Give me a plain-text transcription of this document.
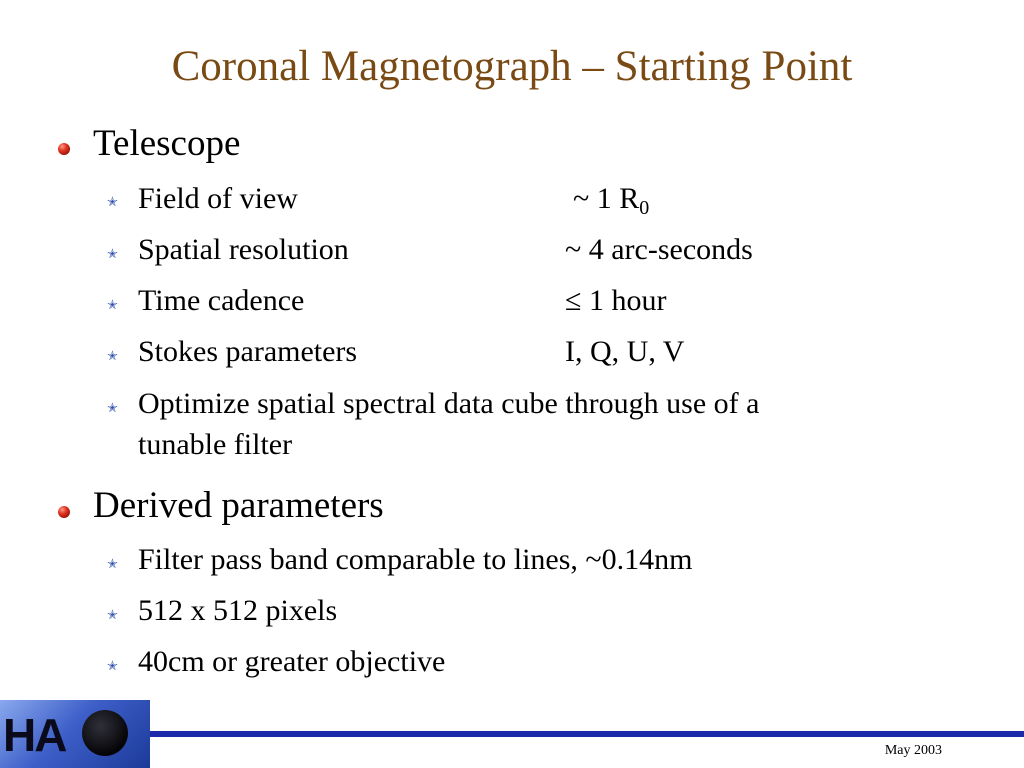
Coronal Magnetograph – Starting Point
Telescope
✭ Field of view	~ 1 $R_0$
✭ Spatial resolution	~ 4 arc-seconds
✭ Time cadence	≤ 1 hour
✭ Stokes parameters	I, Q, U, V
✭ Optimize spatial spectral data cube through use of a
tunable filter
Derived parameters
✭ Filter pass band comparable to lines, ~0.14nm
✭ 512 x 512 pixels
✭ 40cm or greater objective
HA	May 2003
